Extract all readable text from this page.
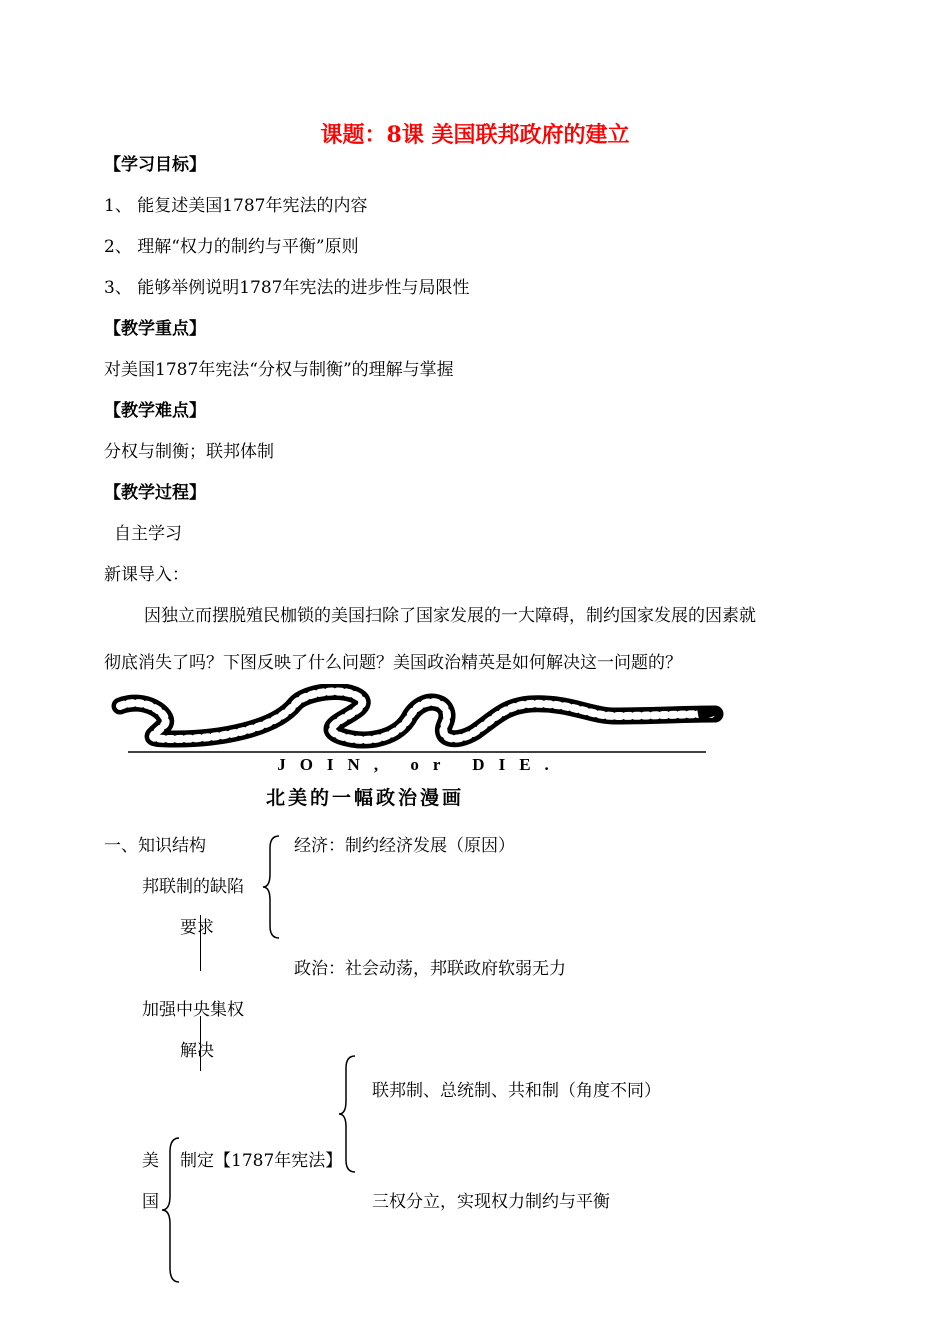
课题：8课 美国联邦政府的建立
【学习目标】
1、 能复述美国1787年宪法的内容
2、 理解“权力的制约与平衡”原则
3、 能够举例说明1787年宪法的进步性与局限性
【教学重点】
对美国1787年宪法“分权与制衡”的理解与掌握
【教学难点】
分权与制衡；联邦体制
【教学过程】
自主学习
新课导入：
因独立而摆脱殖民枷锁的美国扫除了国家发展的一大障碍，制约国家发展的因素就
彻底消失了吗？下图反映了什么问题？美国政治精英是如何解决这一问题的？
JOIN, or DIE.
北美的一幅政治漫画
一、知识结构
邦联制的缺陷
经济：制约经济发展（原因）
政治：社会动荡，邦联政府软弱无力
要求
加强中央集权
解决
美
国
制定【1787年宪法】
联邦制、总统制、共和制（角度不同）
三权分立，实现权力制约与平衡
